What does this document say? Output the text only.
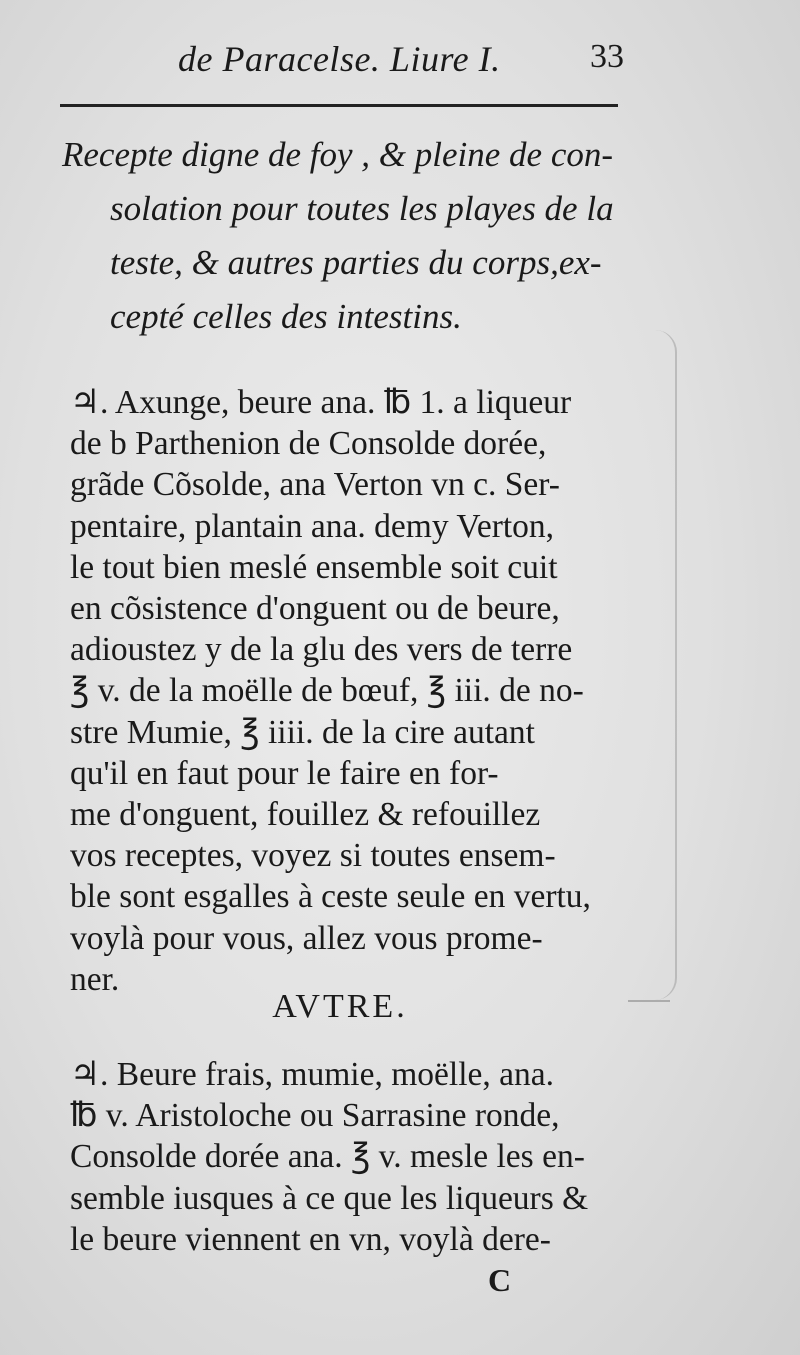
de Paracelse. Liure I.	33
Recepte digne de foy , & pleine de con-
solation pour toutes les playes de la
teste, & autres parties du corps,ex-
cepté celles des intestins.
♃. Axunge, beure ana. ℔ 1. a liqueur
de b Parthenion de Consolde dorée,
grãde Cõsolde, ana Verton vn c. Ser-
pentaire, plantain ana. demy Verton,
le tout bien meslé ensemble soit cuit
en cõsistence d'onguent ou de beure,
adioustez y de la glu des vers de terre
℥ v. de la moëlle de bœuf, ℥ iii. de no-
stre Mumie, ℥ iiii. de la cire autant
qu'il en faut pour le faire en for-
me d'onguent, fouillez & refouillez
vos receptes, voyez si toutes ensem-
ble sont esgalles à ceste seule en vertu,
voylà pour vous, allez vous prome-
ner.
AVTRE.
♃. Beure frais, mumie, moëlle, ana.
℔ v. Aristoloche ou Sarrasine ronde,
Consolde dorée ana. ℥ v. mesle les en-
semble iusques à ce que les liqueurs &
le beure viennent en vn, voylà dere-
C
